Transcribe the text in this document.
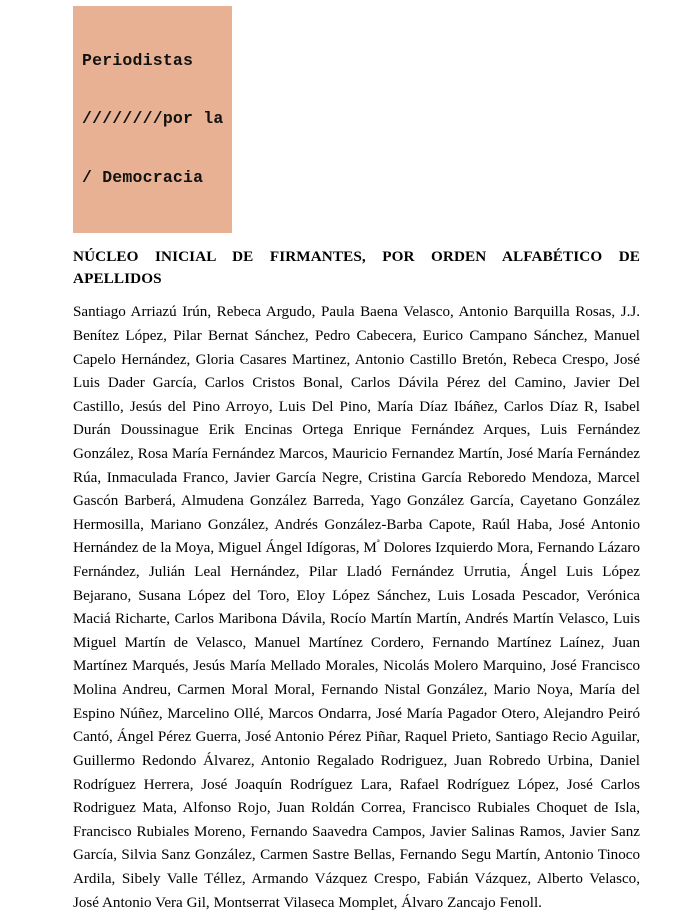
Periodistas

////////por la

/ Democracia

NÚCLEO INICIAL DE FIRMANTES, POR ORDEN ALFABÉTICO DE APELLIDOS

Santiago Arriazú Irún, Rebeca Argudo, Paula Baena Velasco, Antonio Barquilla Rosas, J.J. Benítez López, Pilar Bernat Sánchez, Pedro Cabecera, Eurico Campano Sánchez, Manuel Capelo Hernández, Gloria Casares Martinez, Antonio Castillo Bretón, Rebeca Crespo, José Luis Dader García, Carlos Cristos Bonal, Carlos Dávila Pérez del Camino, Javier Del Castillo, Jesús del Pino Arroyo, Luis Del Pino, María Díaz Ibáñez, Carlos Díaz R, Isabel Durán Doussinague Erik Encinas Ortega Enrique Fernández Arques, Luis Fernández González, Rosa María Fernández Marcos, Mauricio Fernandez Martín, José María Fernández Rúa, Inmaculada Franco, Javier García Negre, Cristina García Reboredo Mendoza, Marcel Gascón Barberá, Almudena González Barreda, Yago González García, Cayetano González Hermosilla, Mariano González, Andrés González-Barba Capote, Raúl Haba, José Antonio Hernández de la Moya, Miguel Ángel Idígoras, $M^ª$ Dolores Izquierdo Mora, Fernando Lázaro Fernández, Julián Leal Hernández, Pilar Lladó Fernández Urrutia, Ángel Luis López Bejarano, Susana López del Toro, Eloy López Sánchez, Luis Losada Pescador, Verónica Maciá Richarte, Carlos Maribona Dávila, Rocío Martín Martín, Andrés Martín Velasco, Luis Miguel Martín de Velasco, Manuel Martínez Cordero, Fernando Martínez Laínez, Juan Martínez Marqués, Jesús María Mellado Morales, Nicolás Molero Marquino, José Francisco Molina Andreu, Carmen Moral Moral, Fernando Nistal González, Mario Noya, María del Espino Núñez, Marcelino Ollé, Marcos Ondarra, José María Pagador Otero, Alejandro Peiró Cantó, Ángel Pérez Guerra, José Antonio Pérez Piñar, Raquel Prieto, Santiago Recio Aguilar, Guillermo Redondo Álvarez, Antonio Regalado Rodriguez, Juan Robredo Urbina, Daniel Rodríguez Herrera, José Joaquín Rodríguez Lara, Rafael Rodríguez López, José Carlos Rodriguez Mata, Alfonso Rojo, Juan Roldán Correa, Francisco Rubiales Choquet de Isla, Francisco Rubiales Moreno, Fernando Saavedra Campos, Javier Salinas Ramos, Javier Sanz García, Silvia Sanz González, Carmen Sastre Bellas, Fernando Segu Martín, Antonio Tinoco Ardila, Sibely Valle Téllez, Armando Vázquez Crespo, Fabián Vázquez, Alberto Velasco, José Antonio Vera Gil, Montserrat Vilaseca Momplet, Álvaro Zancajo Fenoll.
